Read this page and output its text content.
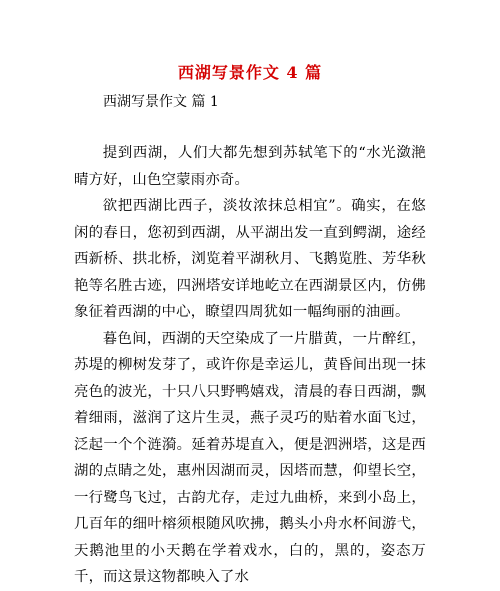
西湖写景作文 4 篇
西湖写景作文 篇 1

提到西湖，人们大都先想到苏轼笔下的“水光潋滟晴方好，山色空蒙雨亦奇。

欲把西湖比西子，淡妆浓抹总相宜”。确实，在悠闲的春日，您初到西湖，从平湖出发一直到鳄湖，途经西新桥、拱北桥，浏览着平湖秋月、飞鹅览胜、芳华秋艳等名胜古迹，四洲塔安详地屹立在西湖景区内，仿佛象征着西湖的中心，瞭望四周犹如一幅绚丽的油画。

暮色间，西湖的天空染成了一片腊黄，一片醉红，苏堤的柳树发芽了，或许你是幸运儿，黄昏间出现一抹亮色的波光，十只八只野鸭嬉戏，清晨的春日西湖，飘着细雨，滋润了这片生灵，燕子灵巧的贴着水面飞过，泛起一个个涟漪。延着苏堤直入，便是泗洲塔，这是西湖的点睛之处，惠州因湖而灵，因塔而慧，仰望长空，一行鹭鸟飞过，古韵尤存，走过九曲桥，来到小岛上，几百年的细叶榕须根随风吹拂，鹅头小舟水杯间游弋，天鹅池里的小天鹅在学着戏水，白的，黑的，姿态万千，而这景这物都映入了水
